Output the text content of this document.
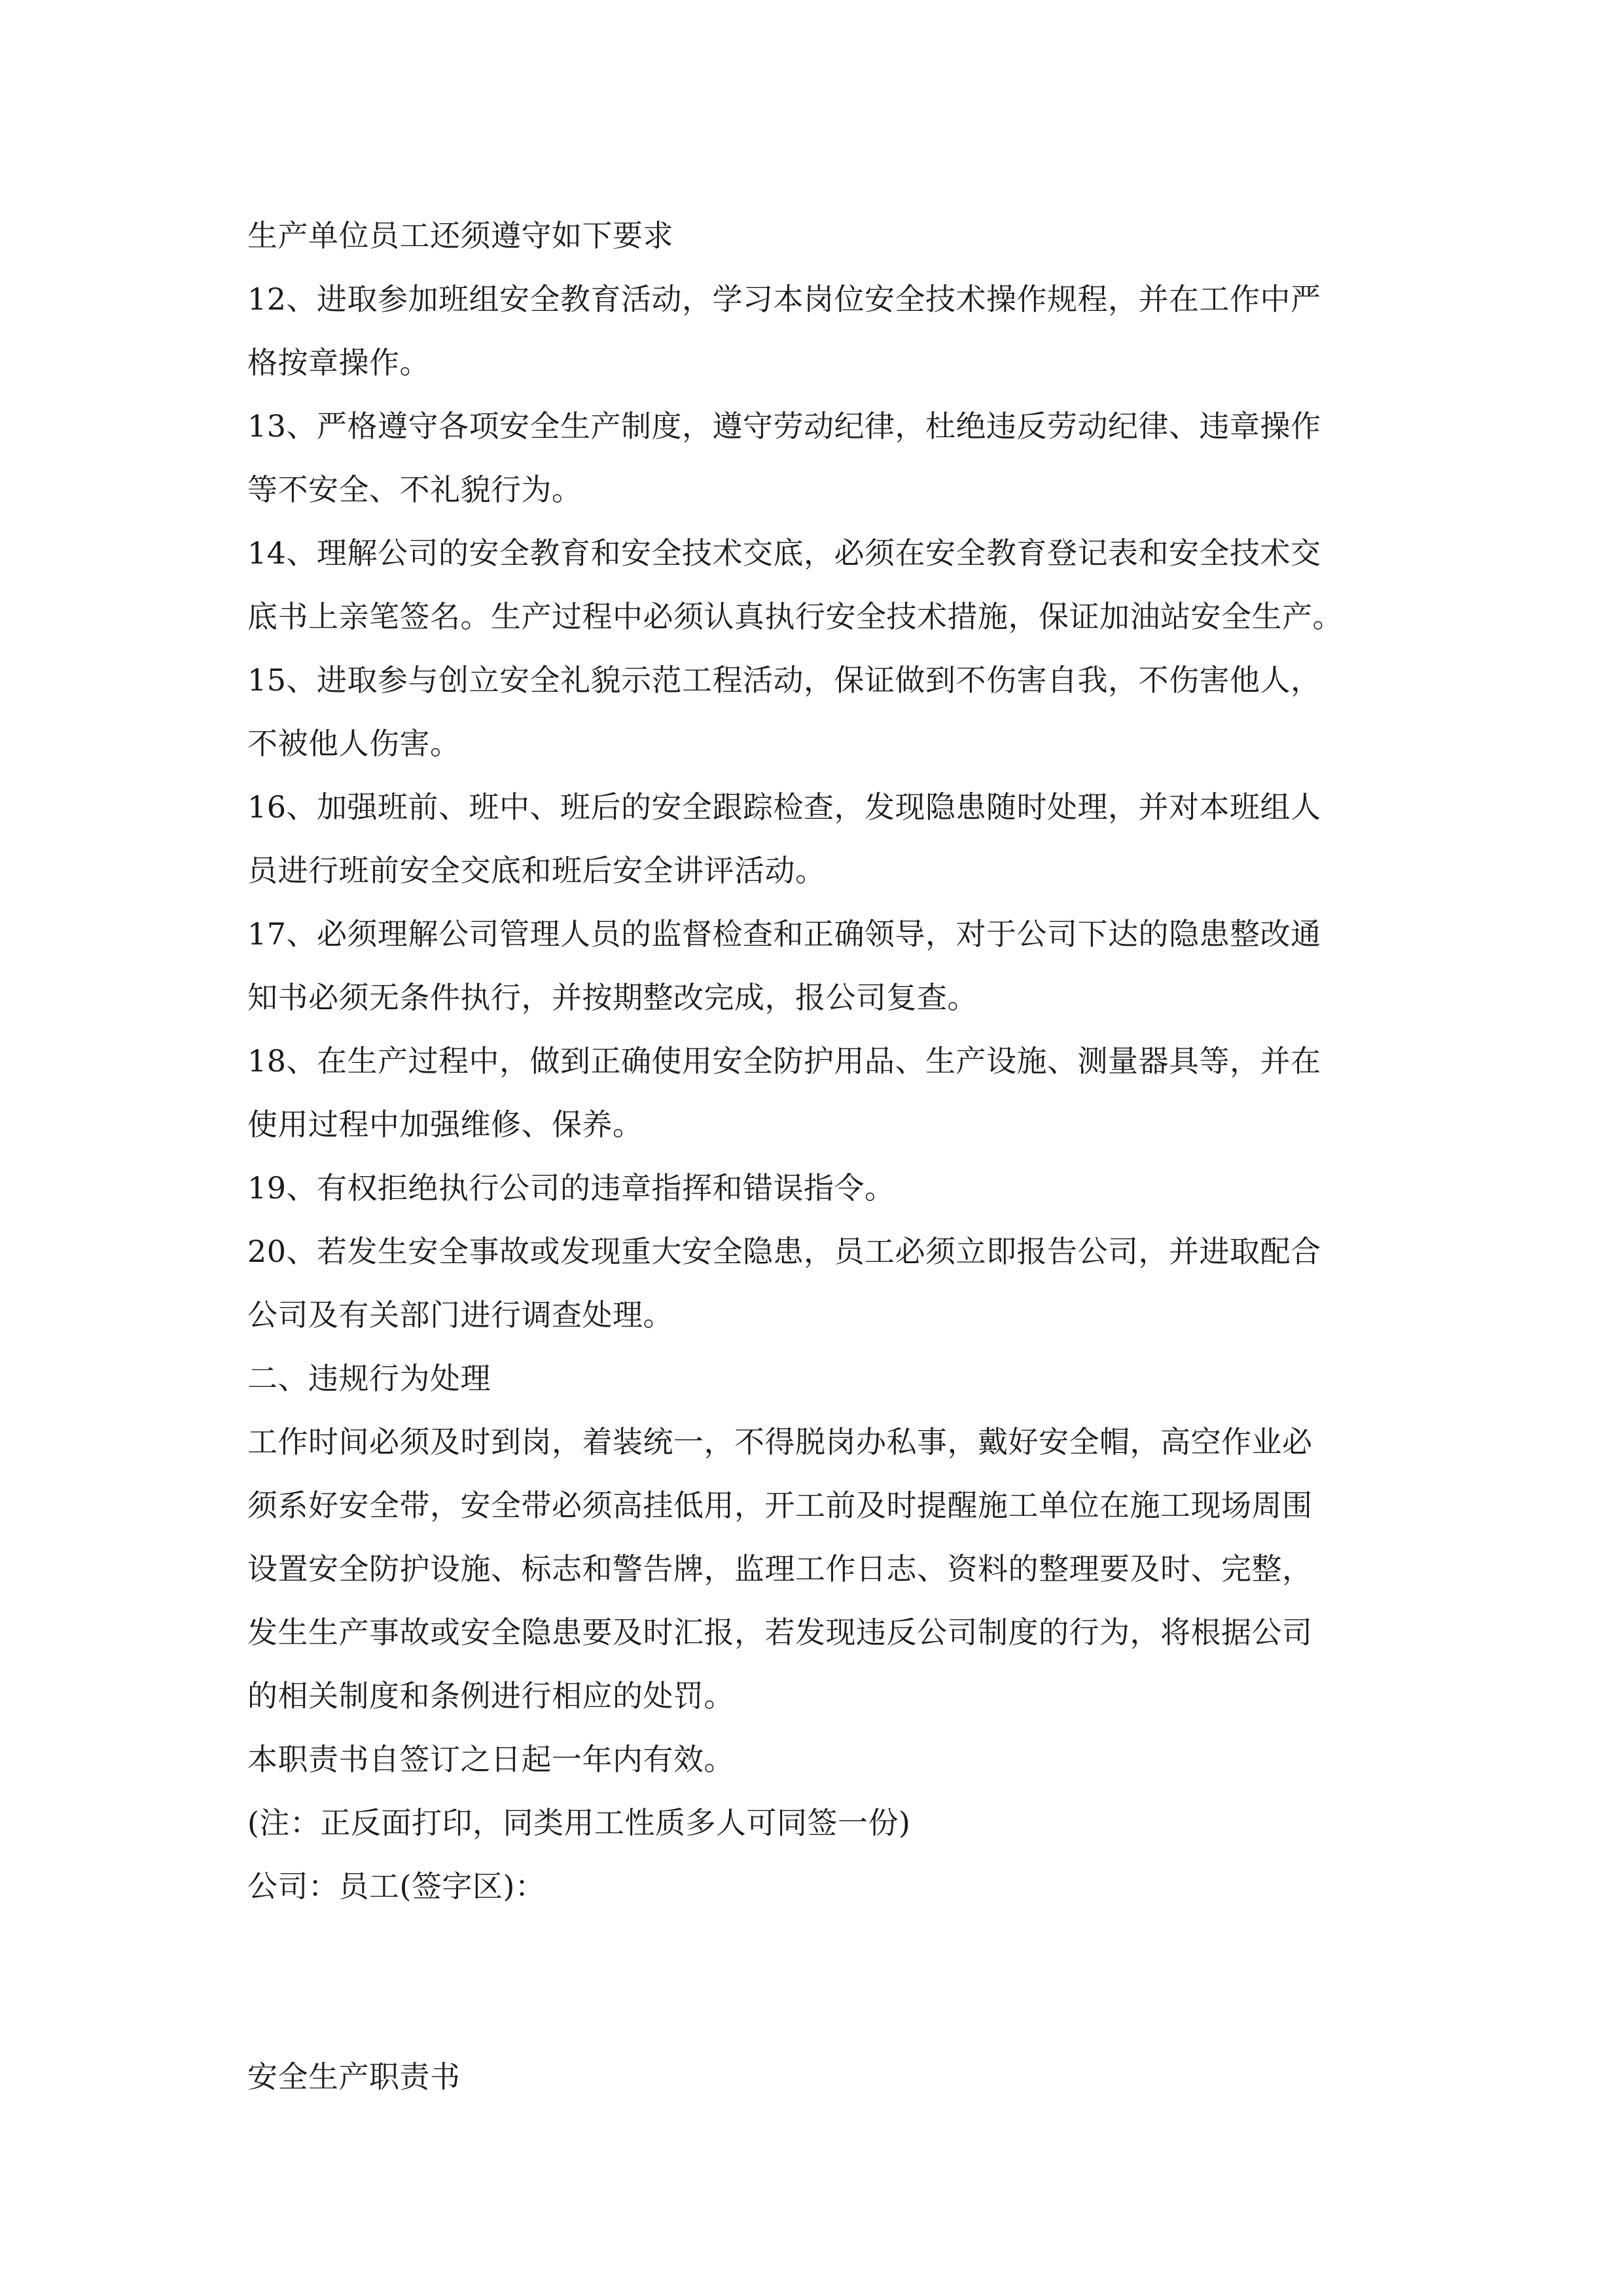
生产单位员工还须遵守如下要求
12、进取参加班组安全教育活动，学习本岗位安全技术操作规程，并在工作中严
格按章操作。
13、严格遵守各项安全生产制度，遵守劳动纪律，杜绝违反劳动纪律、违章操作
等不安全、不礼貌行为。
14、理解公司的安全教育和安全技术交底，必须在安全教育登记表和安全技术交
底书上亲笔签名。生产过程中必须认真执行安全技术措施，保证加油站安全生产。
15、进取参与创立安全礼貌示范工程活动，保证做到不伤害自我，不伤害他人，
不被他人伤害。
16、加强班前、班中、班后的安全跟踪检查，发现隐患随时处理，并对本班组人
员进行班前安全交底和班后安全讲评活动。
17、必须理解公司管理人员的监督检查和正确领导，对于公司下达的隐患整改通
知书必须无条件执行，并按期整改完成，报公司复查。
18、在生产过程中，做到正确使用安全防护用品、生产设施、测量器具等，并在
使用过程中加强维修、保养。
19、有权拒绝执行公司的违章指挥和错误指令。
20、若发生安全事故或发现重大安全隐患，员工必须立即报告公司，并进取配合
公司及有关部门进行调查处理。
二、违规行为处理
工作时间必须及时到岗，着装统一，不得脱岗办私事，戴好安全帽，高空作业必
须系好安全带，安全带必须高挂低用，开工前及时提醒施工单位在施工现场周围
设置安全防护设施、标志和警告牌，监理工作日志、资料的整理要及时、完整，
发生生产事故或安全隐患要及时汇报，若发现违反公司制度的行为，将根据公司
的相关制度和条例进行相应的处罚。
本职责书自签订之日起一年内有效。
(注：正反面打印，同类用工性质多人可同签一份)
公司：员工(签字区)：
安全生产职责书
